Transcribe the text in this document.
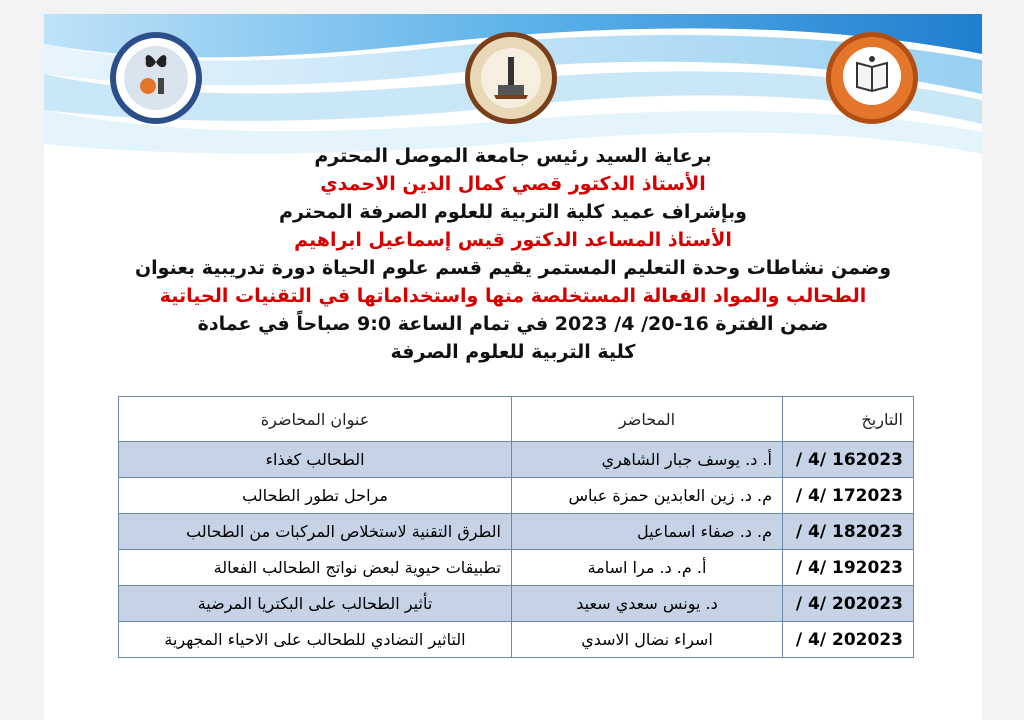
برعاية السيد رئيس جامعة الموصل المحترم

الأستاذ الدكتور قصي كمال الدين الاحمدي

وبإشراف عميد كلية التربية للعلوم الصرفة المحترم

الأستاذ المساعد الدكتور قيس إسماعيل ابراهيم

وضمن نشاطات وحدة التعليم المستمر يقيم قسم علوم الحياة دورة تدريبية بعنوان

الطحالب والمواد الفعالة المستخلصة منها واستخداماتها في التقنيات الحياتية

ضمن الفترة 16-20/ 4/ 2023 في تمام الساعة 9:0 صباحاً في عمادة

كلية التربية للعلوم الصرفة

التاريخ	المحاضر	عنوان المحاضرة
162023 /4 /	أ. د. يوسف جبار الشاهري	الطحالب كغذاء
172023 /4 /	م. د. زين العابدين حمزة عباس	مراحل تطور الطحالب
182023 /4 /	م. د. صفاء اسماعيل	الطرق التقنية لاستخلاص المركبات من الطحالب
192023 /4 /	أ. م. د. مرا اسامة	تطبيقات حيوية لبعض نواتج الطحالب الفعالة
202023 /4 /	د. يونس سعدي سعيد	تأثير الطحالب على البكتريا المرضية
202023 /4 /	اسراء نضال الاسدي	التاثير التضادي للطحالب على الاحياء المجهرية
